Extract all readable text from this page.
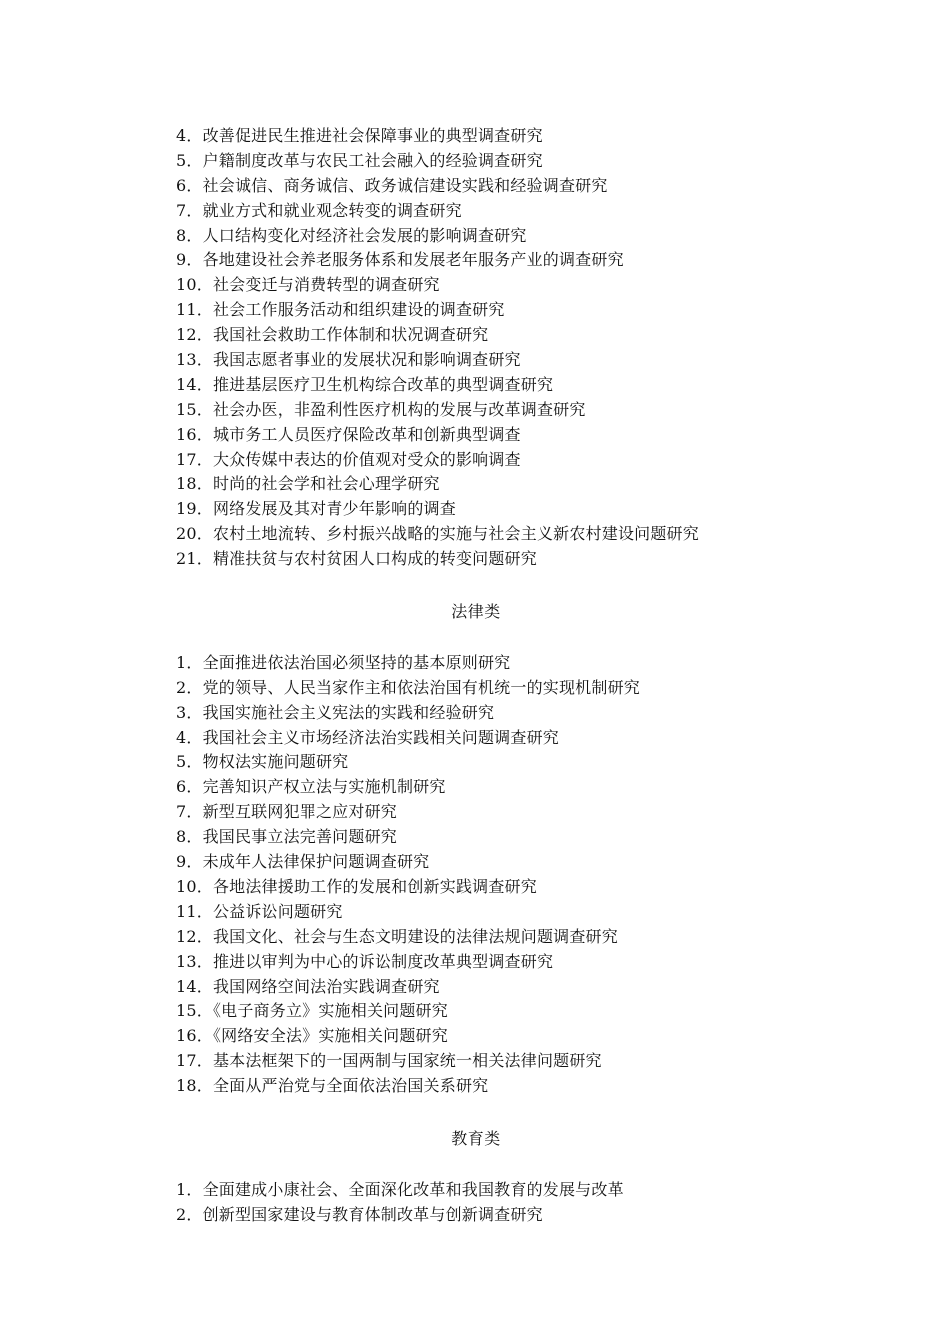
4．改善促进民生推进社会保障事业的典型调查研究
5．户籍制度改革与农民工社会融入的经验调查研究
6．社会诚信、商务诚信、政务诚信建设实践和经验调查研究
7．就业方式和就业观念转变的调查研究
8．人口结构变化对经济社会发展的影响调查研究
9．各地建设社会养老服务体系和发展老年服务产业的调查研究
10．社会变迁与消费转型的调查研究
11．社会工作服务活动和组织建设的调查研究
12．我国社会救助工作体制和状况调查研究
13．我国志愿者事业的发展状况和影响调查研究
14．推进基层医疗卫生机构综合改革的典型调查研究
15．社会办医，非盈利性医疗机构的发展与改革调查研究
16．城市务工人员医疗保险改革和创新典型调查
17．大众传媒中表达的价值观对受众的影响调查
18．时尚的社会学和社会心理学研究
19．网络发展及其对青少年影响的调查
20．农村土地流转、乡村振兴战略的实施与社会主义新农村建设问题研究
21．精准扶贫与农村贫困人口构成的转变问题研究
法律类
1．全面推进依法治国必须坚持的基本原则研究
2．党的领导、人民当家作主和依法治国有机统一的实现机制研究
3．我国实施社会主义宪法的实践和经验研究
4．我国社会主义市场经济法治实践相关问题调查研究
5．物权法实施问题研究
6．完善知识产权立法与实施机制研究
7．新型互联网犯罪之应对研究
8．我国民事立法完善问题研究
9．未成年人法律保护问题调查研究
10．各地法律援助工作的发展和创新实践调查研究
11．公益诉讼问题研究
12．我国文化、社会与生态文明建设的法律法规问题调查研究
13．推进以审判为中心的诉讼制度改革典型调查研究
14．我国网络空间法治实践调查研究
15．《电子商务立》实施相关问题研究
16．《网络安全法》实施相关问题研究
17．基本法框架下的一国两制与国家统一相关法律问题研究
18．全面从严治党与全面依法治国关系研究
教育类
1．全面建成小康社会、全面深化改革和我国教育的发展与改革
2．创新型国家建设与教育体制改革与创新调查研究
